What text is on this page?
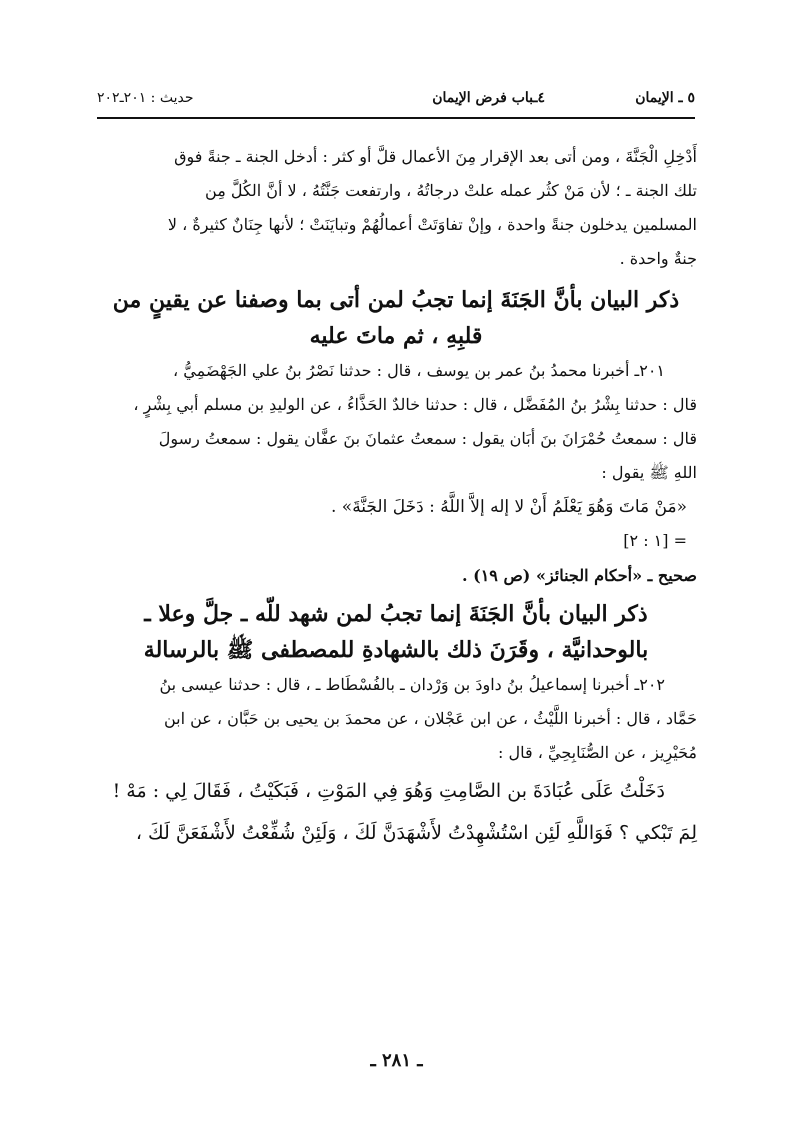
٥ ـ الإيمان
٤ـباب فرض الإيمان
حديث : ٢٠١ـ٢٠٢

أَدْخِلِ الْجَنَّةَ ، ومن أتى بعد الإقرار مِنَ الأعمال قلَّ أو كثر : أدخل الجنة ـ جنةً فوق

تلك الجنة ـ ؛ لأن مَنْ كثُر عمله علتْ درجاتُهُ ، وارتفعت جَنَّتُهُ ، لا أنَّ الكُلَّ مِن

المسلمين يدخلون جنةً واحدة ، وإنْ تفاوَتَتْ أعمالُهُمْ وتبايَنَتْ ؛ لأنها جِنَانٌ كثيرةٌ ، لا

جنةٌ واحدة .

ذكر البيان بأنَّ الجَنَةَ إنما تجبُ لمن أتى بما وصفنا عن يقينٍ من

قلبِهِ ، ثم ماتَ عليه

٢٠١ـ أخبرنا محمدُ بنُ عمر بن يوسف ، قال : حدثنا نَصْرُ بنُ علي الجَهْضَمِيُّ ،

قال : حدثنا بِشْرُ بنُ المُفَضَّل ، قال : حدثنا خالدٌ الحَذَّاءُ ، عن الوليدِ بن مسلم أبي بِشْرٍ ،

قال : سمعتُ حُمْرَانَ بنَ أبَان يقول : سمعتُ عثمانَ بنَ عفَّان يقول : سمعتُ رسولَ

اللهِ ﷺ يقول :

«مَنْ مَاتَ وَهُوَ يَعْلَمُ أَنْ لا إله إلاَّ اللَّهُ : دَخَلَ الجَنَّةَ» .

= [١ : ٢]

صحيح ـ «أحكام الجنائز» (ص ١٩) .

ذكر البيان بأنَّ الجَنَةَ إنما تجبُ لمن شهد للّه ـ جلَّ وعلا ـ

بالوحدانيَّة ، وقَرَنَ ذلك بالشهادةِ للمصطفى ﷺ بالرسالة

٢٠٢ـ أخبرنا إسماعيلُ بنُ داودَ بن وَرْدان ـ بالفُسْطَاط ـ ، قال : حدثنا عيسى بنُ

حَمَّاد ، قال : أخبرنا اللَّيْثُ ، عن ابن عَجْلان ، عن محمدَ بن يحيى بن حَبَّان ، عن ابن

مُحَيْرِيز ، عن الصُّنَابِحِيِّ ، قال :

دَخَلْتُ عَلَى عُبَادَةَ بن الصَّامِتِ وَهُوَ فِي المَوْتِ ، فَبَكَيْتُ ، فَقَالَ لِي : مَهْ !

لِمَ تَبْكي ؟ فَوَاللَّهِ لَئِن اسْتُشْهِدْتُ لأَشْهَدَنَّ لَكَ ، وَلَئِنْ شُفِّعْتُ لأَشْفَعَنَّ لَكَ ،

ـ ٢٨١ ـ
